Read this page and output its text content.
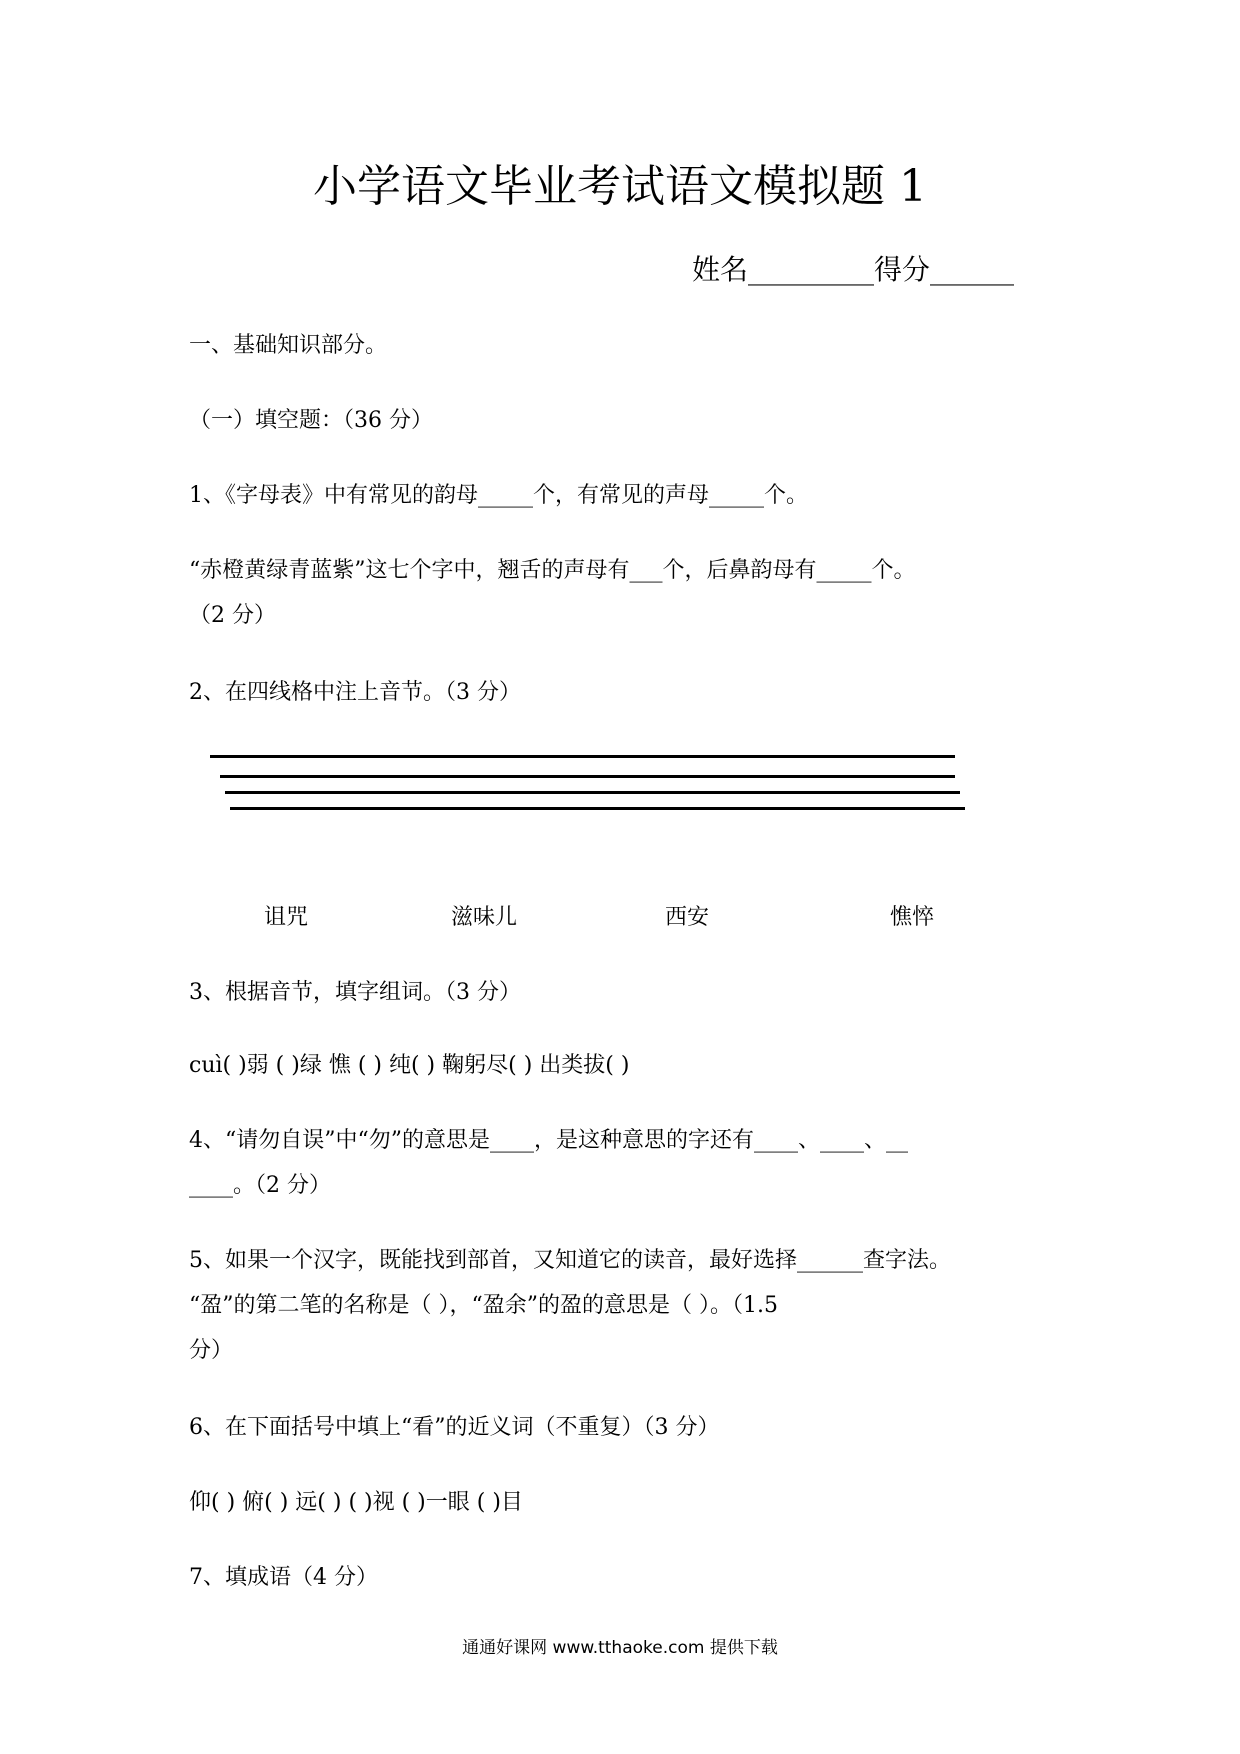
小学语文毕业考试语文模拟题 1
姓名_________得分______
一、基础知识部分。
（一）填空题：（36 分）
1、《字母表》中有常见的韵母_____个，有常见的声母_____个。
“赤橙黄绿青蓝紫”这七个字中，翘舌的声母有___个，后鼻韵母有_____个。
（2 分）
2、在四线格中注上音节。（3 分）
诅咒	滋味儿	西安	憔悴
3、根据音节，填字组词。（3 分）
cuì( )弱 ( )绿 憔 ( ) 纯( ) 鞠躬尽( ) 出类拔( )
4、“请勿自误”中“勿”的意思是____，是这种意思的字还有____、____、__
____。（2 分）
5、如果一个汉字，既能找到部首，又知道它的读音，最好选择______查字法。
“盈”的第二笔的名称是（ ），“盈余”的盈的意思是（ ）。（1.5
分）
6、在下面括号中填上“看”的近义词（不重复）（3 分）
仰( ) 俯( ) 远( ) ( )视 ( )一眼 ( )目
7、填成语（4 分）
通通好课网 www.tthaoke.com 提供下载
